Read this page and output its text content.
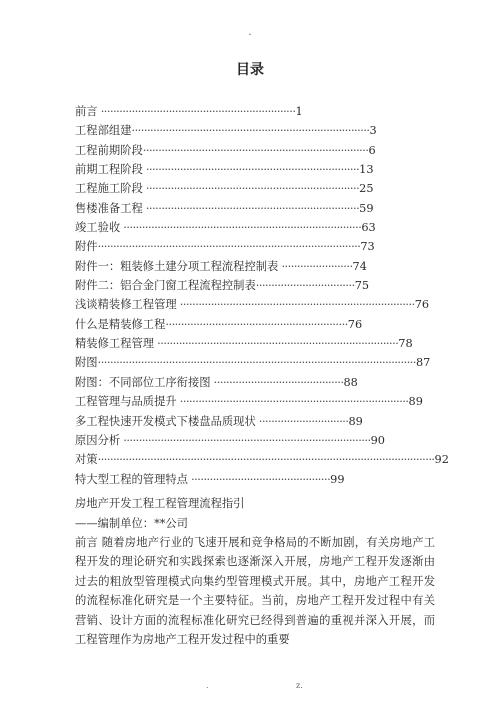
.
目录
前言 ·······························································1
工程部组建·············································································3
工程前期阶段·········································································6
前期工程阶段 ·····································································13
工程施工阶段 ·····································································25
售楼准备工程 ·····································································59
竣工验收 ·············································································63
附件·····················································································73
附件一：粗装修土建分项工程流程控制表 ·······················74
附件二：铝合金门窗工程流程控制表································75
浅谈精装修工程管理 ············································································76
什么是精装修工程···························································76
精装修工程管理 ··············································································78
附图·······································································································87
附图：不同部位工序衔接图 ··········································88
工程管理与品质提升 ··········································································89
多工程快速开发模式下楼盘品质现状 ·····························89
原因分析 ················································································90
对策·············································································································92
特大型工程的管理特点 ·············································99

房地产开发工程工程管理流程指引

——编制单位：**公司

前言 随着房地产行业的飞速开展和竞争格局的不断加剧，有关房地产工程开发的理论研究和实践探索也逐渐深入开展，房地产工程开发逐渐由过去的粗放型管理模式向集约型管理模式开展。其中，房地产工程开发的流程标准化研究是一个主要特征。当前，房地产工程开发过程中有关营销、设计方面的流程标准化研究已经得到普遍的重视并深入开展，而工程管理作为房地产工程开发过程中的重要

.	z.
